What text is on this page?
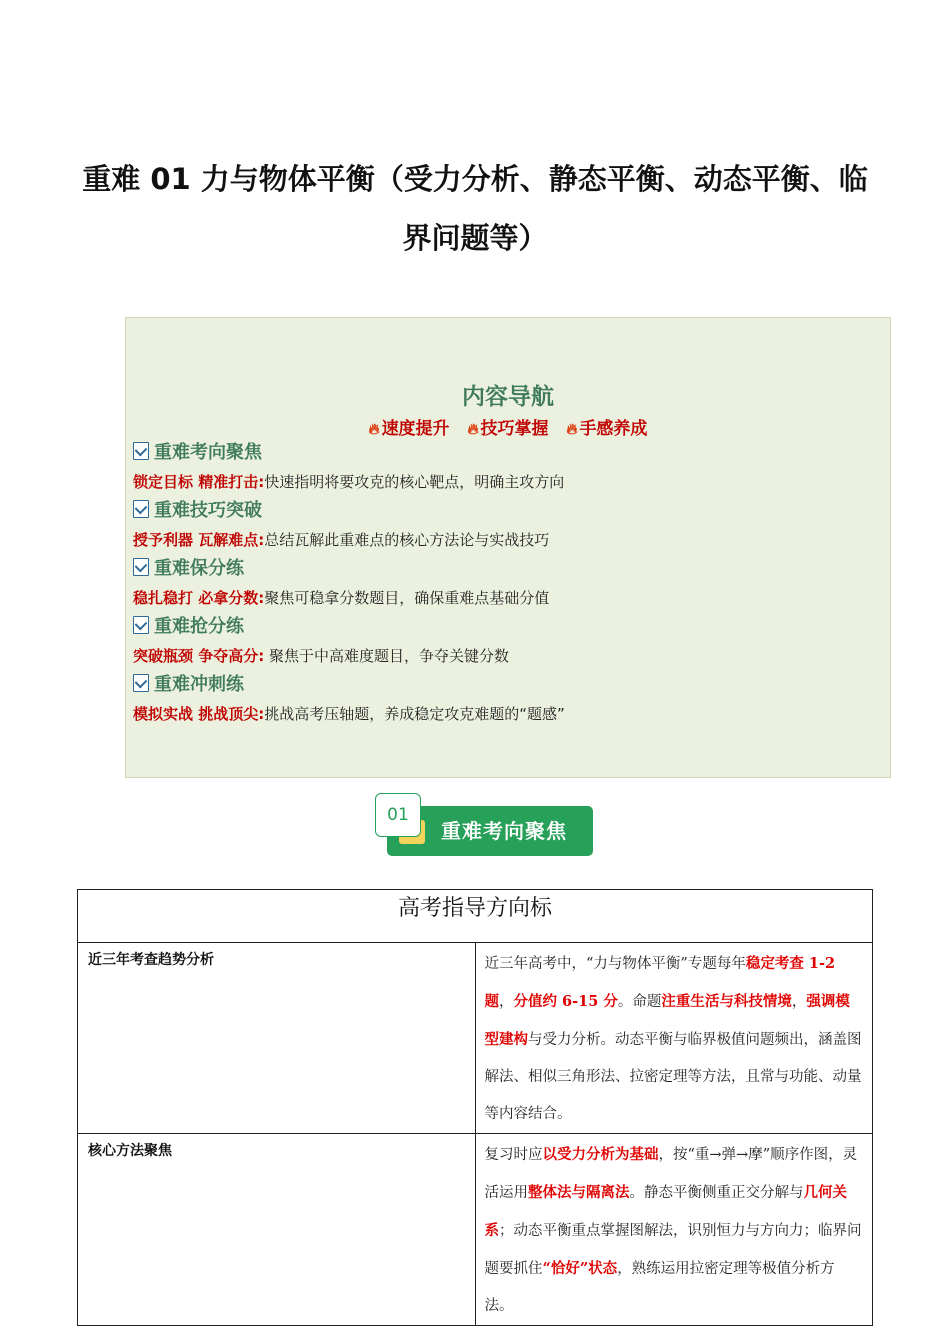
重难 01 力与物体平衡（受力分析、静态平衡、动态平衡、临
界问题等）
内容导航
🔥︎ 速度提升 🔥︎ 技巧掌握 🔥︎ 手感养成
重难考向聚焦
锁定目标 精准打击:快速指明将要攻克的核心靶点，明确主攻方向
重难技巧突破
授予利器 瓦解难点:总结瓦解此重难点的核心方法论与实战技巧
重难保分练
稳扎稳打 必拿分数:聚焦可稳拿分数题目，确保重难点基础分值
重难抢分练
突破瓶颈 争夺高分: 聚焦于中高难度题目，争夺关键分数
重难冲刺练
模拟实战 挑战顶尖:挑战高考压轴题，养成稳定攻克难题的“题感”
重难考向聚焦
01
高考指导方向标	
近三年考查趋势分析	近三年高考中，“力与物体平衡”专题每年稳定考查 1-2 题，分值约 6-15 分。命题注重生活与科技情境，强调模型建构与受力分析。动态平衡与临界极值问题频出，涵盖图解法、相似三角形法、拉密定理等方法，且常与功能、动量等内容结合。
核心方法聚焦	复习时应以受力分析为基础，按“重→弹→摩”顺序作图，灵活运用整体法与隔离法。静态平衡侧重正交分解与几何关系；动态平衡重点掌握图解法，识别恒力与方向力；临界问题要抓住“恰好”状态，熟练运用拉密定理等极值分析方法。
